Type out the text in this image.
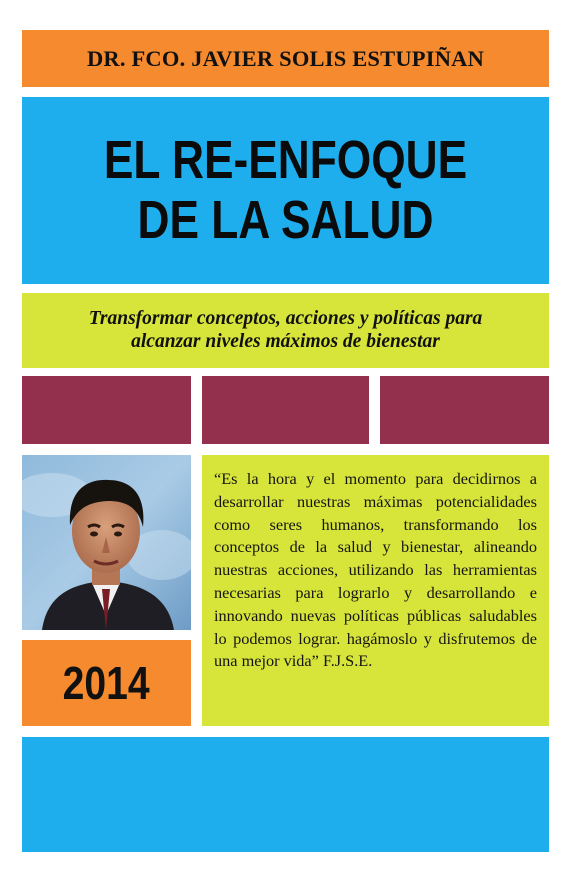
DR. FCO. JAVIER SOLIS ESTUPIÑAN
EL RE-ENFOQUE
DE LA SALUD
Transformar conceptos, acciones y políticas para
alcanzar niveles máximos de bienestar
2014

“Es la hora y el momento para decidirnos a desarrollar nuestras máximas potencialidades como seres humanos, transformando los conceptos de la salud y bienestar, alineando nuestras acciones, utilizando las herramientas necesarias para lograrlo y desarrollando e innovando nuevas políticas públicas saludables lo podemos lograr. hagámoslo y disfrutemos de una mejor vida” F.J.S.E.
